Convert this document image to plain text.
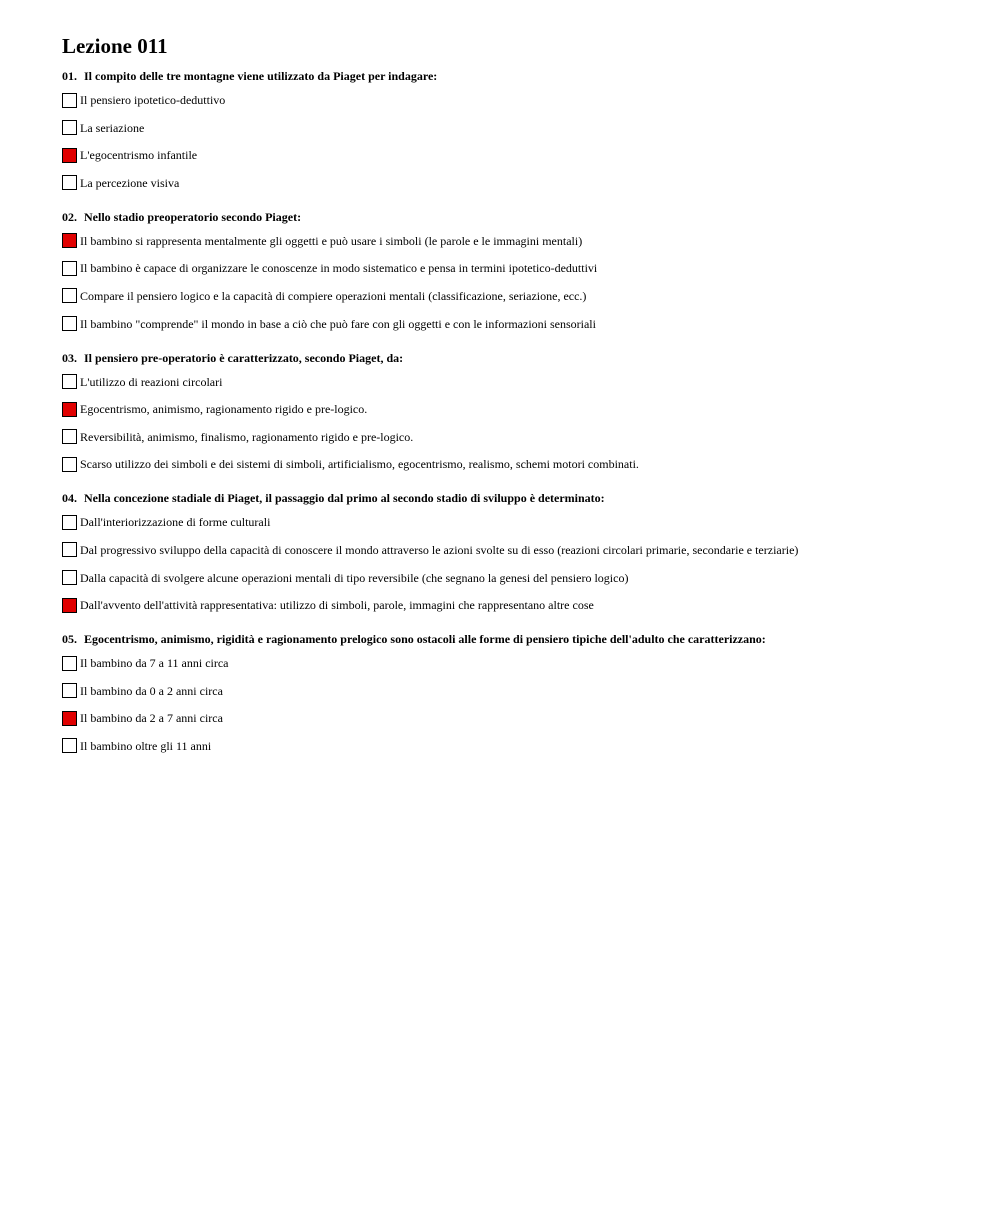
Lezione 011
01. Il compito delle tre montagne viene utilizzato da Piaget per indagare:
Il pensiero ipotetico-deduttivo
La seriazione
L'egocentrismo infantile
La percezione visiva
02. Nello stadio preoperatorio secondo Piaget:
Il bambino si rappresenta mentalmente gli oggetti e può usare i simboli (le parole e le immagini mentali)
Il bambino è capace di organizzare le conoscenze in modo sistematico e pensa in termini ipotetico-deduttivi
Compare il pensiero logico e la capacità di compiere operazioni mentali (classificazione, seriazione, ecc.)
Il bambino "comprende" il mondo in base a ciò che può fare con gli oggetti e con le informazioni sensoriali
03. Il pensiero pre-operatorio è caratterizzato, secondo Piaget, da:
L'utilizzo di reazioni circolari
Egocentrismo, animismo, ragionamento rigido e pre-logico.
Reversibilità, animismo, finalismo, ragionamento rigido e pre-logico.
Scarso utilizzo dei simboli e dei sistemi di simboli, artificialismo, egocentrismo, realismo, schemi motori combinati.
04. Nella concezione stadiale di Piaget, il passaggio dal primo al secondo stadio di sviluppo è determinato:
Dall'interiorizzazione di forme culturali
Dal progressivo sviluppo della capacità di conoscere il mondo attraverso le azioni svolte su di esso (reazioni circolari primarie, secondarie e terziarie)
Dalla capacità di svolgere alcune operazioni mentali di tipo reversibile (che segnano la genesi del pensiero logico)
Dall'avvento dell'attività rappresentativa: utilizzo di simboli, parole, immagini che rappresentano altre cose
05. Egocentrismo, animismo, rigidità e ragionamento prelogico sono ostacoli alle forme di pensiero tipiche dell'adulto che caratterizzano:
Il bambino da 7 a 11 anni circa
Il bambino da 0 a 2 anni circa
Il bambino da 2 a 7 anni circa
Il bambino oltre gli 11 anni
